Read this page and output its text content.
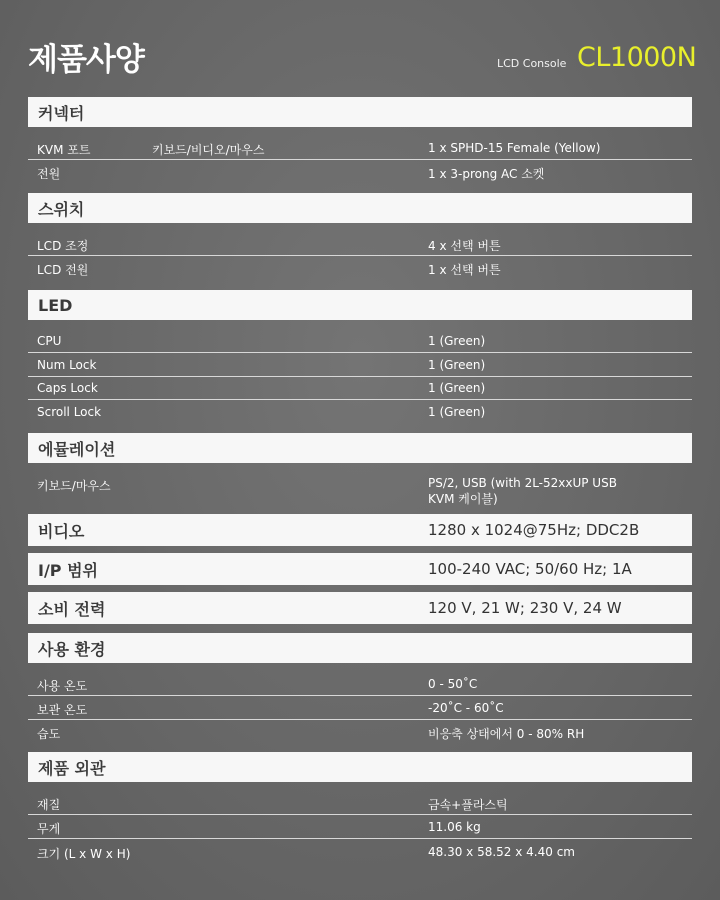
제품사양	LCD Console CL1000N
커넥터
KVM 포트	키보드/비디오/마우스	1 x SPHD-15 Female (Yellow)
전원	1 x 3-prong AC 소켓
스위치
LCD 조정	4 x 선택 버튼
LCD 전원	1 x 선택 버튼
LED
CPU	1 (Green)
Num Lock	1 (Green)
Caps Lock	1 (Green)
Scroll Lock	1 (Green)
에뮬레이션
키보드/마우스	PS/2, USB (with 2L-52xxUP USB
KVM 케이블)
비디오	1280 x 1024@75Hz; DDC2B
I/P 범위	100-240 VAC; 50/60 Hz; 1A
소비 전력	120 V, 21 W; 230 V, 24 W
사용 환경
사용 온도	0 - 50˚C
보관 온도	-20˚C - 60˚C
습도	비응축 상태에서 0 - 80% RH
제품 외관
재질	금속+플라스틱
무게	11.06 kg
크기 (L x W x H)	48.30 x 58.52 x 4.40 cm
